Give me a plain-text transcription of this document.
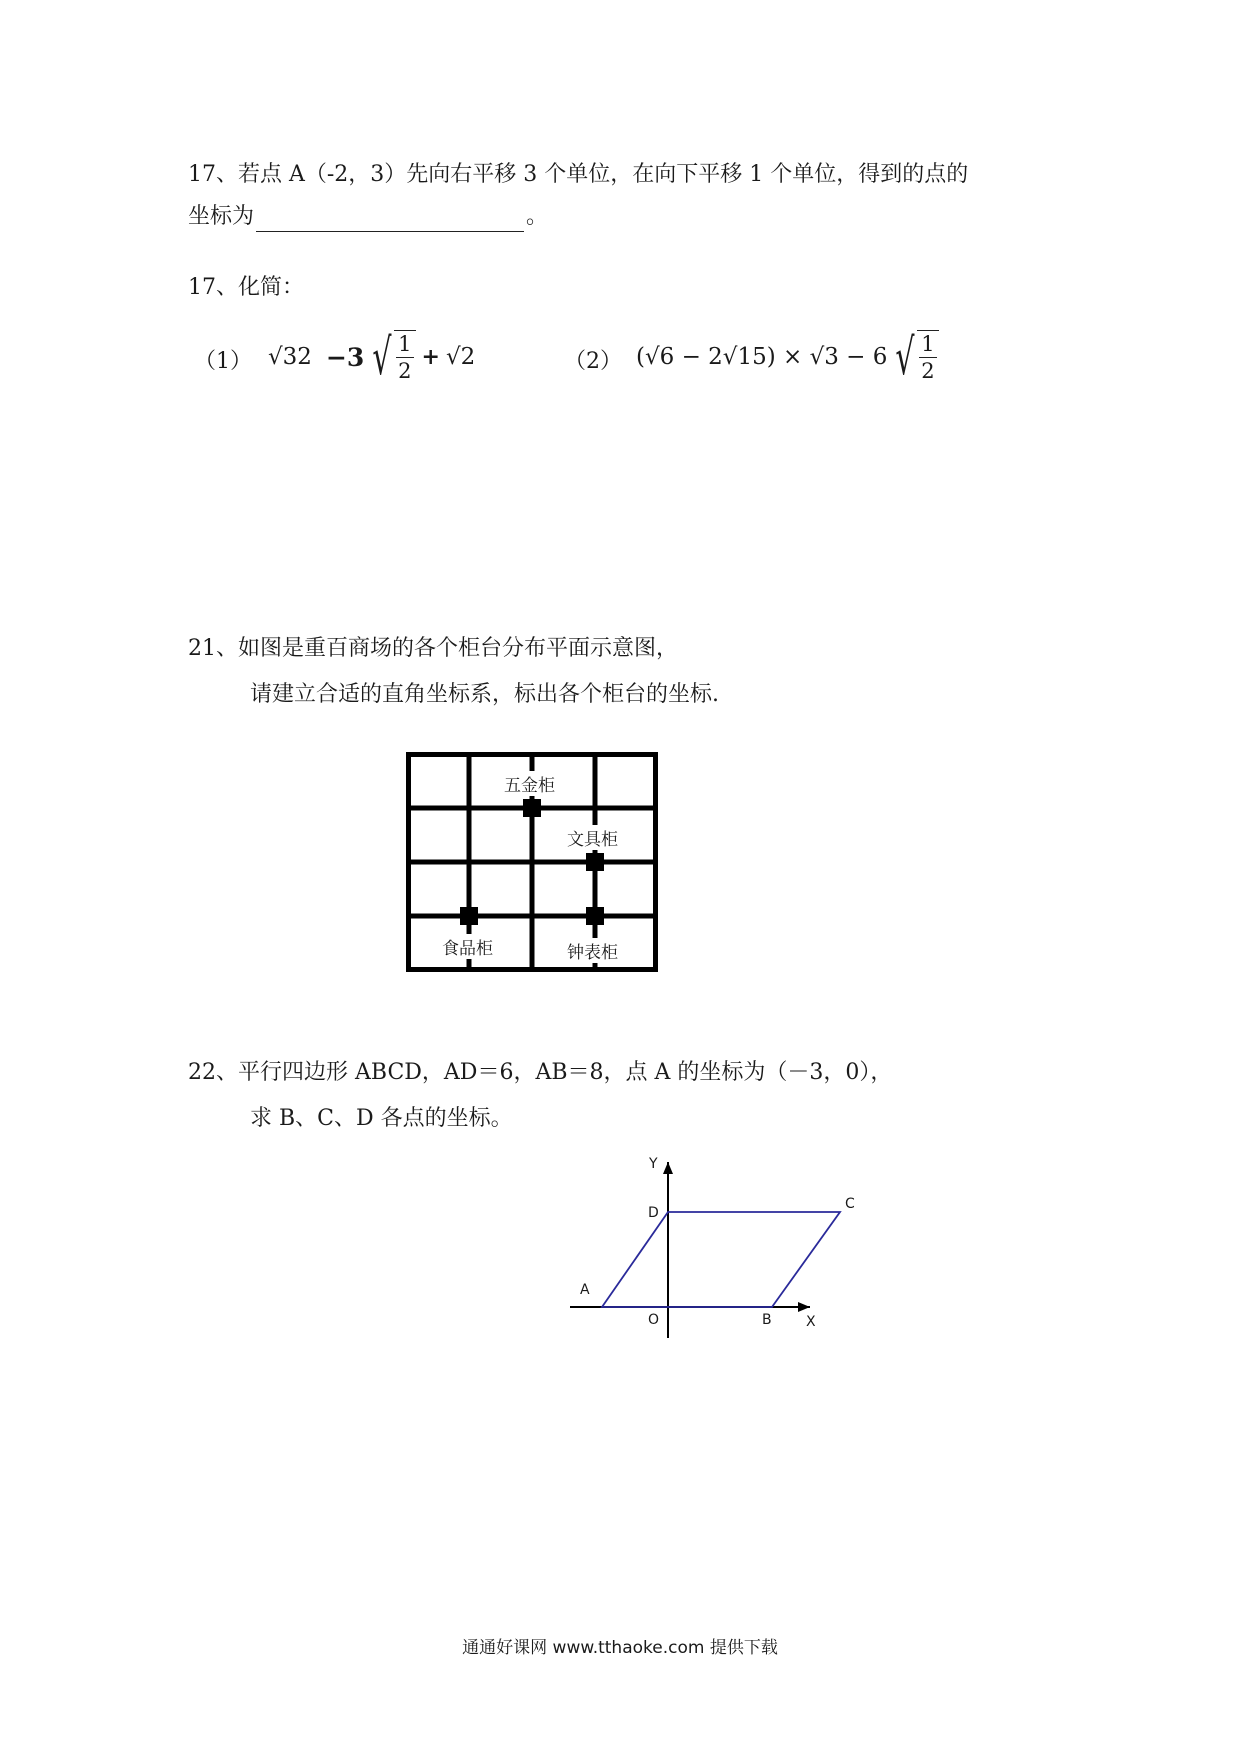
17、若点 A（-2，3）先向右平移 3 个单位，在向下平移 1 个单位，得到的点的
坐标为	。
17、化简：
（1） √32 −3 √ $\frac{1}{2} + √2$	（2） (√6 − 2√15) × √3 − 6 √ $\frac{1}{2}$
21、如图是重百商场的各个柜台分布平面示意图，
请建立合适的直角坐标系，标出各个柜台的坐标.
五金柜
文具柜
食品柜	钟表柜
22、平行四边形 ABCD，AD＝6，AB＝8，点 A 的坐标为（－3，0），
求 B、C、D 各点的坐标。
A
B
C
D
O
Y
X
通通好课网 www.tthaoke.com 提供下载
